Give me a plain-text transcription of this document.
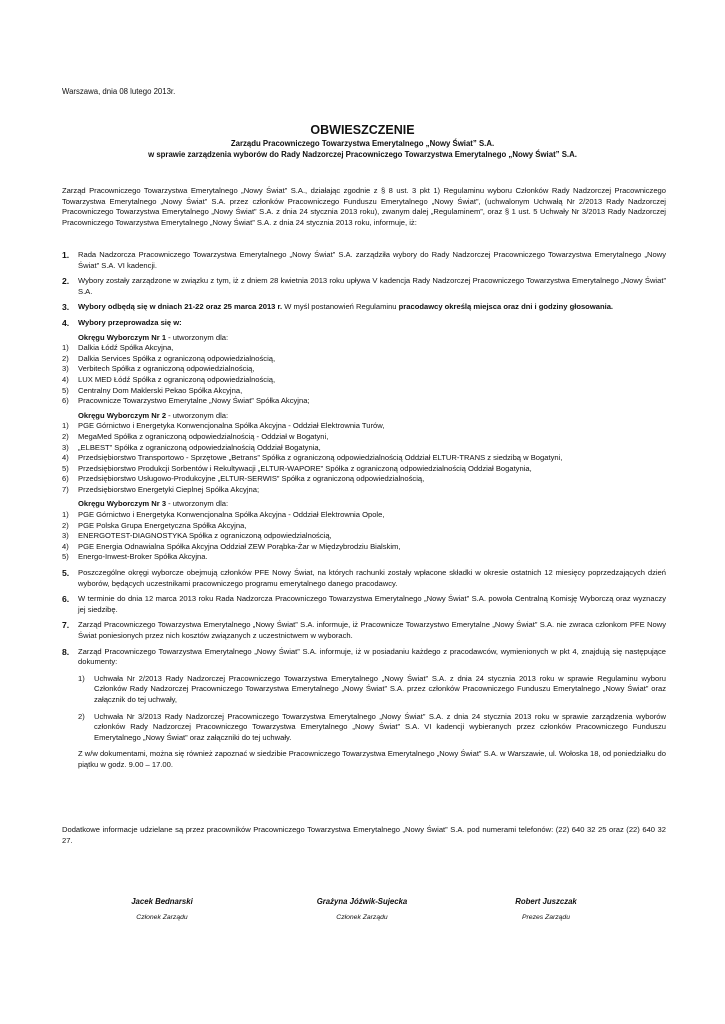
Warszawa, dnia 08 lutego 2013r.
OBWIESZCZENIE
Zarządu Pracowniczego Towarzystwa Emerytalnego „Nowy Świat” S.A.
w sprawie zarządzenia wyborów do Rady Nadzorczej Pracowniczego Towarzystwa Emerytalnego „Nowy Świat” S.A.
Zarząd Pracowniczego Towarzystwa Emerytalnego „Nowy Świat” S.A., działając zgodnie z § 8 ust. 3 pkt 1) Regulaminu wyboru Członków Rady Nadzorczej Pracowniczego Towarzystwa Emerytalnego „Nowy Świat” S.A. przez członków Pracowniczego Funduszu Emerytalnego „Nowy Świat”, (uchwalonym Uchwałą Nr 2/2013 Rady Nadzorczej Pracowniczego Towarzystwa Emerytalnego „Nowy Świat” S.A. z dnia 24 stycznia 2013 roku), zwanym dalej „Regulaminem”, oraz § 1 ust. 5 Uchwały Nr 3/2013 Rady Nadzorczej Pracowniczego Towarzystwa Emerytalnego „Nowy Świat” S.A. z dnia 24 stycznia 2013 roku, informuje, iż:
1. Rada Nadzorcza Pracowniczego Towarzystwa Emerytalnego „Nowy Świat” S.A. zarządziła wybory do Rady Nadzorczej Pracowniczego Towarzystwa Emerytalnego „Nowy Świat” S.A. VI kadencji.
2. Wybory zostały zarządzone w związku z tym, iż z dniem 28 kwietnia 2013 roku upływa V kadencja Rady Nadzorczej Pracowniczego Towarzystwa Emerytalnego „Nowy Świat” S.A.
3. Wybory odbędą się w dniach 21-22 oraz 25 marca 2013 r. W myśl postanowień Regulaminu pracodawcy określą miejsca oraz dni i godziny głosowania.
4. Wybory przeprowadza się w:
Okręgu Wyborczym Nr 1 - utworzonym dla:
1) Dalkia Łódź Spółka Akcyjna,
2) Dalkia Services Spółka z ograniczoną odpowiedzialnością,
3) Verbitech Spółka z ograniczoną odpowiedzialnością,
4) LUX MED Łódź Spółka z ograniczoną odpowiedzialnością,
5) Centralny Dom Maklerski Pekao Spółka Akcyjna,
6) Pracownicze Towarzystwo Emerytalne „Nowy Świat” Spółka Akcyjna;
Okręgu Wyborczym Nr 2 - utworzonym dla:
1) PGE Górnictwo i Energetyka Konwencjonalna Spółka Akcyjna - Oddział Elektrownia Turów,
2) MegaMed Spółka z ograniczoną odpowiedzialnością - Oddział w Bogatyni,
3) „ELBEST” Spółka z ograniczoną odpowiedzialnością Oddział Bogatynia,
4) Przedsiębiorstwo Transportowo - Sprzętowe „Betrans” Spółka z ograniczoną odpowiedzialnością Oddział ELTUR-TRANS z siedzibą w Bogatyni,
5) Przedsiębiorstwo Produkcji Sorbentów i Rekultywacji „ELTUR-WAPORE” Spółka z ograniczoną odpowiedzialnością Oddział Bogatynia,
6) Przedsiębiorstwo Usługowo-Produkcyjne „ELTUR-SERWIS” Spółka z ograniczoną odpowiedzialnością,
7) Przedsiębiorstwo Energetyki Cieplnej Spółka Akcyjna;
Okręgu Wyborczym Nr 3 - utworzonym dla:
1) PGE Górnictwo i Energetyka Konwencjonalna Spółka Akcyjna - Oddział Elektrownia Opole,
2) PGE Polska Grupa Energetyczna Spółka Akcyjna,
3) ENERGOTEST-DIAGNOSTYKA Spółka z ograniczoną odpowiedzialnością,
4) PGE Energia Odnawialna Spółka Akcyjna Oddział ZEW Porąbka-Żar w Międzybrodziu Bialskim,
5) Energo-Inwest-Broker Spółka Akcyjna.
5. Poszczególne okręgi wyborcze obejmują członków PFE Nowy Świat, na których rachunki zostały wpłacone składki w okresie ostatnich 12 miesięcy poprzedzających dzień wyborów, będących uczestnikami pracowniczego programu emerytalnego danego pracodawcy.
6. W terminie do dnia 12 marca 2013 roku Rada Nadzorcza Pracowniczego Towarzystwa Emerytalnego „Nowy Świat” S.A. powoła Centralną Komisję Wyborczą oraz wyznaczy jej siedzibę.
7. Zarząd Pracowniczego Towarzystwa Emerytalnego „Nowy Świat” S.A. informuje, iż Pracownicze Towarzystwo Emerytalne „Nowy Świat” S.A. nie zwraca członkom PFE Nowy Świat poniesionych przez nich kosztów związanych z uczestnictwem w wyborach.
8. Zarząd Pracowniczego Towarzystwa Emerytalnego „Nowy Świat” S.A. informuje, iż w posiadaniu każdego z pracodawców, wymienionych w pkt 4, znajdują się następujące dokumenty:
1) Uchwała Nr 2/2013 Rady Nadzorczej Pracowniczego Towarzystwa Emerytalnego „Nowy Świat” S.A. z dnia 24 stycznia 2013 roku w sprawie Regulaminu wyboru Członków Rady Nadzorczej Pracowniczego Towarzystwa Emerytalnego „Nowy Świat” S.A. przez członków Pracowniczego Funduszu Emerytalnego „Nowy Świat” oraz załącznik do tej uchwały,
2) Uchwała Nr 3/2013 Rady Nadzorczej Pracowniczego Towarzystwa Emerytalnego „Nowy Świat” S.A. z dnia 24 stycznia 2013 roku w sprawie zarządzenia wyborów członków Rady Nadzorczej Pracowniczego Towarzystwa Emerytalnego „Nowy Świat” S.A. VI kadencji wybieranych przez członków Pracowniczego Funduszu Emerytalnego „Nowy Świat” oraz załączniki do tej uchwały.
Z w/w dokumentami, można się również zapoznać w siedzibie Pracowniczego Towarzystwa Emerytalnego „Nowy Świat” S.A. w Warszawie, ul. Wołoska 18, od poniedziałku do piątku w godz. 9.00 – 17.00.
Dodatkowe informacje udzielane są przez pracowników Pracowniczego Towarzystwa Emerytalnego „Nowy Świat” S.A. pod numerami telefonów: (22) 640 32 25 oraz (22) 640 32 27.
Jacek Bednarski
Członek Zarządu
Grażyna Jóźwik-Sujecka
Członek Zarządu
Robert Juszczak
Prezes Zarządu
